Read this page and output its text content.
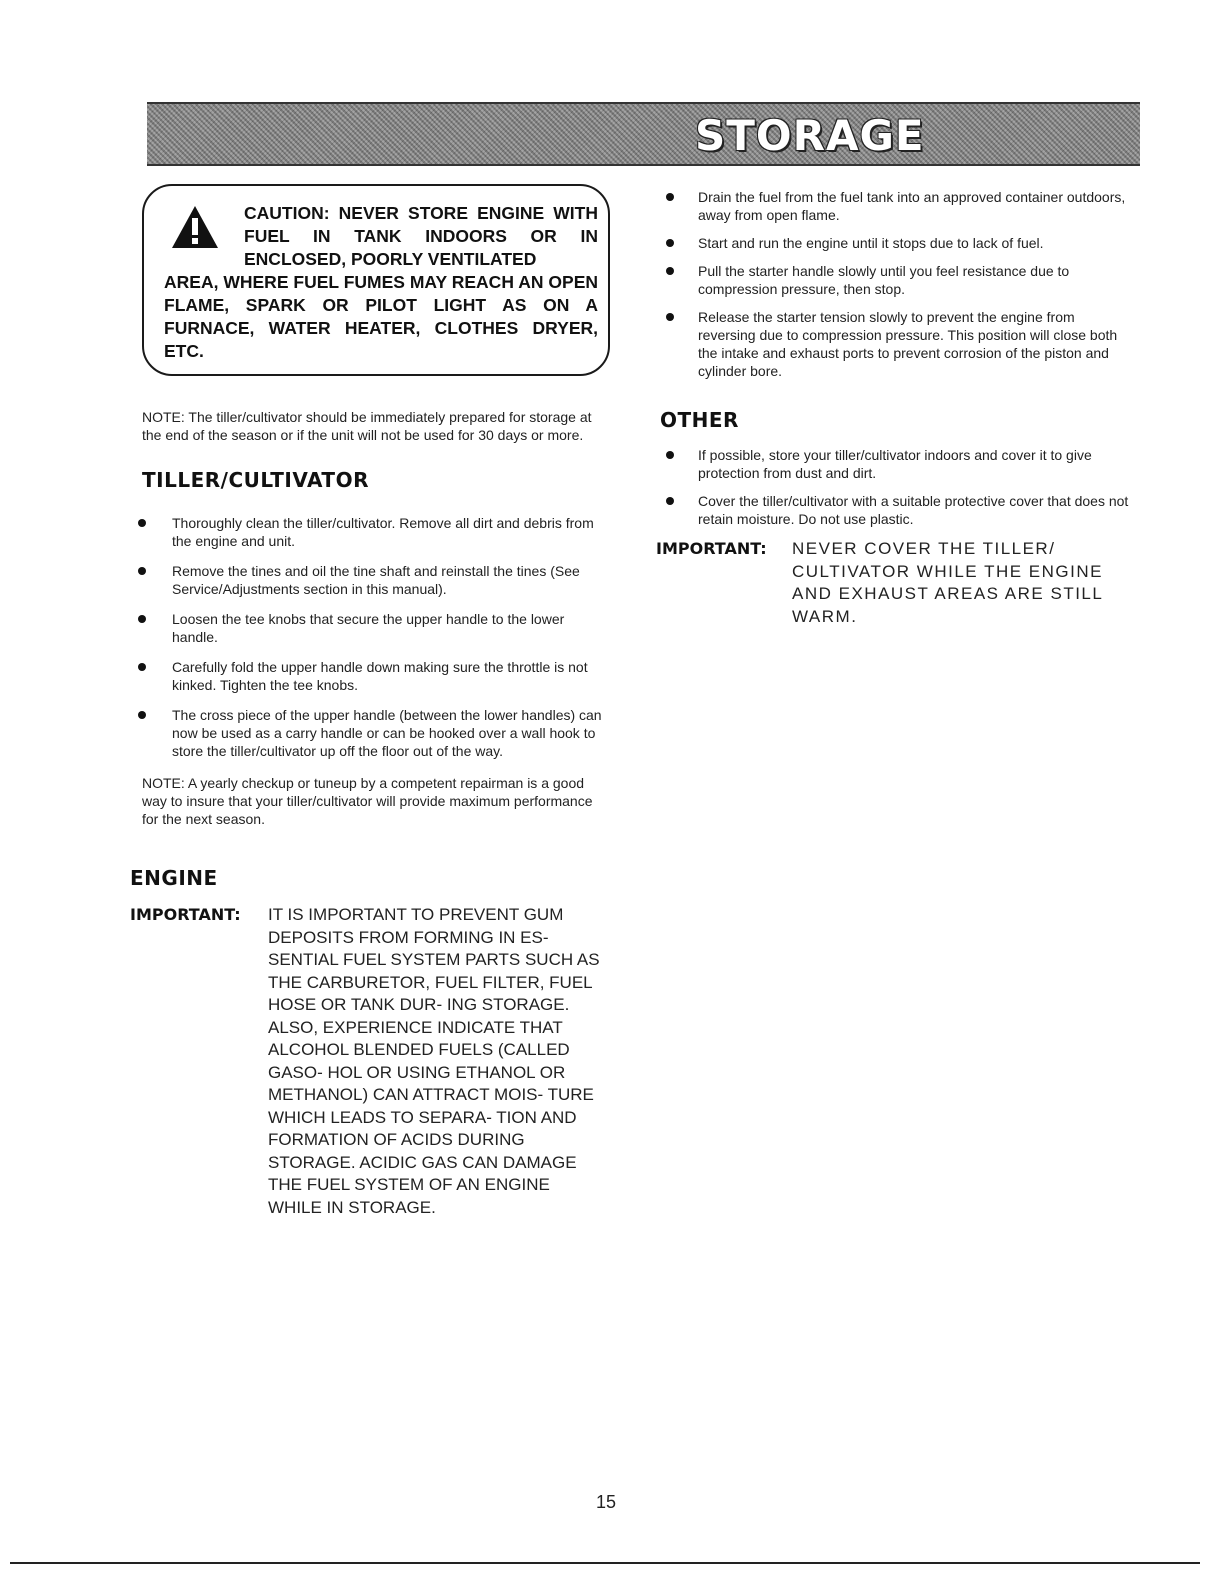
STORAGE
CAUTION: NEVER STORE ENGINE WITH FUEL IN TANK INDOORS OR IN ENCLOSED, POORLY VENTILATED
AREA, WHERE FUEL FUMES MAY REACH AN OPEN FLAME, SPARK OR PILOT LIGHT AS ON A FURNACE, WATER HEATER, CLOTHES DRYER, ETC.

NOTE: The tiller/cultivator should be immediately prepared for storage at the end of the season or if the unit will not be used for 30 days or more.

TILLER/CULTIVATOR
Thoroughly clean the tiller/cultivator. Remove all dirt and debris from the engine and unit.
Remove the tines and oil the tine shaft and reinstall the tines (See Service/Adjustments section in this manual).
Loosen the tee knobs that secure the upper handle to the lower handle.
Carefully fold the upper handle down making sure the throttle is not kinked. Tighten the tee knobs.
The cross piece of the upper handle (between the lower handles) can now be used as a carry handle or can be hooked over a wall hook to store the tiller/cultivator up off the floor out of the way.

NOTE: A yearly checkup or tuneup by a competent repairman is a good way to insure that your tiller/cultivator will provide maximum performance for the next season.

ENGINE
IMPORTANT:	IT IS IMPORTANT TO PREVENT GUM DEPOSITS FROM FORMING IN ES- SENTIAL FUEL SYSTEM PARTS SUCH AS THE CARBURETOR, FUEL FILTER, FUEL HOSE OR TANK DUR- ING STORAGE. ALSO, EXPERIENCE INDICATE THAT ALCOHOL BLENDED FUELS (CALLED GASO- HOL OR USING ETHANOL OR METHANOL) CAN ATTRACT MOIS- TURE WHICH LEADS TO SEPARA- TION AND FORMATION OF ACIDS DURING STORAGE. ACIDIC GAS CAN DAMAGE THE FUEL SYSTEM OF AN ENGINE WHILE IN STORAGE.
Drain the fuel from the fuel tank into an approved container outdoors, away from open flame.
Start and run the engine until it stops due to lack of fuel.
Pull the starter handle slowly until you feel resistance due to compression pressure, then stop.
Release the starter tension slowly to prevent the engine from reversing due to compression pressure. This position will close both the intake and exhaust ports to prevent corrosion of the piston and cylinder bore.
OTHER
If possible, store your tiller/cultivator indoors and cover it to give protection from dust and dirt.
Cover the tiller/cultivator with a suitable protective cover that does not retain moisture. Do not use plastic.
IMPORTANT:	NEVER COVER THE TILLER/ CULTIVATOR WHILE THE ENGINE AND EXHAUST AREAS ARE STILL WARM.
15
